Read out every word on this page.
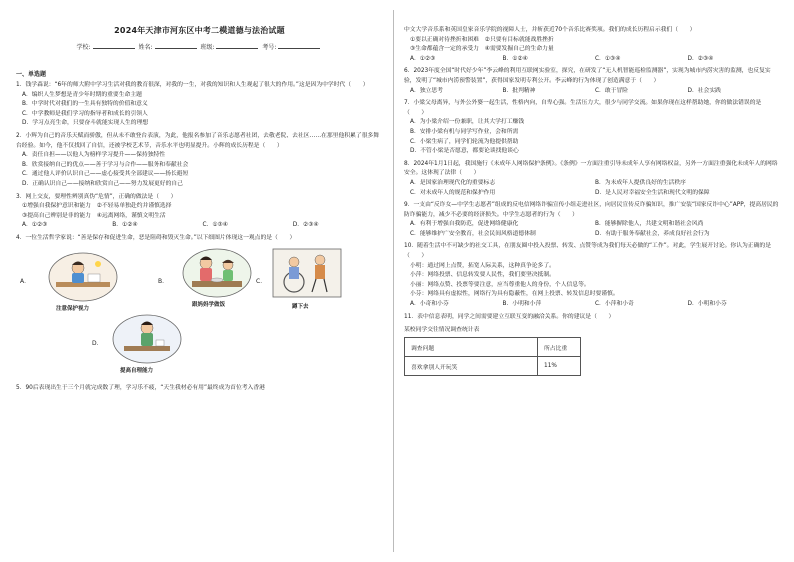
2024年天津市河东区中考二模道德与法治试题
学校:	姓名:	班级:	考号:
一、单选题
1．钱学森说：“6年的师大附中学习生活对我的教育很深，对我的一生，对我的知识和人生观起了很大的作用。”这是因为中学时代（　　）
A．编织人生梦想是青少年时期的重要生命主题
B．中学时代对我们的一生具有独特的价值和意义
C．中学教师是我们学习的指导者和成长的引领人
D．学习点亮生命，只要奋斗就能实现人生的理想
2．小辉为自己的音乐天赋而骄傲，但从未不敢登台表演，为此，他报名参加了音乐志愿者社团，去敬老院、去社区……在那里他积累了很多舞台经验。如今，他不仅找回了自信，还被学校艺术节，音乐水平也明显提升。小辉的成长历程是（　　）
A．责任自担——以他人为榜样学习提升——保持独特性
B．欣赏接纳自己的优点——善于学习与合作——服务和奉献社会
C．通过他人评价认识自己——虚心接受其全部建议——扬长避短
D．正确认识自己——接纳和欣赏自己——努力发展更好的自己
3．网上交友，要理性辨别真伪“危情”，正确的做法是（　　）
①增强自我保护意识和能力　②不轻易单独赴约并谨慎选择
③提高自己辨别是非的能力　④远离网络，谨慎文明生活
A．①②③	B．①②④	C．①③④	D．②③④
4．一位生活哲学家说：“善是保存和促进生命，恶是阻碍和毁灭生命。”以下细图片体现这一观点的是（　　）
A．
注意保护视力
B．
跟妈妈学做饭
C．
蹲下去
D．
提高自理能力
5．90后表现出生于三个月就完成数了理，学习乐不疲，“天生我材必有用”最终成为首位考入香港
中文大学音乐系和英国皇家音乐学院的视障人士，并斩获近70个音乐比赛奖项。我们的成长历程启示我们（　　）
①要以正确对待挫折和困难　②只要有目标就能战胜挫折
③生命都蕴含一定的承受力　④需要发掘自己的生命力量
A．①②③	B．①②④	C．①③④	D．②③④
6．2023年度全国“时代好少年”李云峰的利用互联网实验室，探究，在研发了“无人机智能巡检监测器”，实现为城市内涝灾害的监测，也反复实验，发明了“城市内涝预警装置”，获得国家发明专利公开。李云峰的行为体现了创造满意于（　　）
A．独立思考	B．批判精神	C．敢于冒险	D．社会实践
7．小梁父母离异，与外公外婆一起生活，性格内向，自卑心强。生活压力大，很少与同学交流。如果你现在这样帮助她，你的做法错误的是（　　）
A．为小梁介绍一份兼职，让其大学打工赚钱
B．安排小梁有机与同学写作业，会和所需
C．小梁生病了，同学们轮流为他提供帮助
D．不管小梁是否愿意，都要论谈找他谈心
8．2024年1月1日起，我国施行《未成年人网络保护条例》。《条例》一方面注重引导未成年人享有网络权益，另外一方面注重强化未成年人的网络安全。这体现了法律（　　）
A．是国家治理现代化的重要标志	B．为未成年人提供良好的生活秩序
C．对未成年人的规范和保护作用	D．是人民对幸福安全生活和现代文明的保障
9．一支由“反诈女—中学生志愿者”组成的反电信网络诈骗宣传小组走进社区，向居民宣传反诈骗知识，推广安装“国家反诈中心”APP，提高居民的防诈骗能力，减少不必要的经济损失。中学生志愿者的行为（　　）
A．有利于增强自我防范，促进网络健康化	B．能够摒除他人，共建文明和谐社会风尚
C．能够维护广安全教育，社会民间风格道德体制	D．有助于服务奉献社会，养成良好社会行为
10．随着生活中不可缺少的社交工具，在朋友圈中投入投票、转发、点赞等成为我们每天必做的“工作”。对此，学生展开讨论。你认为正确的是（　　）
小明：通过网上点赞，拓宽人际关系，这种真争论多了。
小萍：网络投票、信息转发要人民性，我们要坚决抵制。
小丽：网络点赞、投票等要注意，应当尊重他人的身份，个人信息等。
小芬：网络具有虚拟性，网络行为具有隐蔽性，在网上投票、转发信息时要谨慎。
A．小奇和小芬	B．小明和小萍	C．小萍和小奇	D．小明和小芬
11．表中信息表明，同学之间需要建立互联互变的融洽关系。你的建议是（　　）
某校同学交往情况调查统计表
调查问题	所占比重
喜欢拿别人开玩笑	11%
